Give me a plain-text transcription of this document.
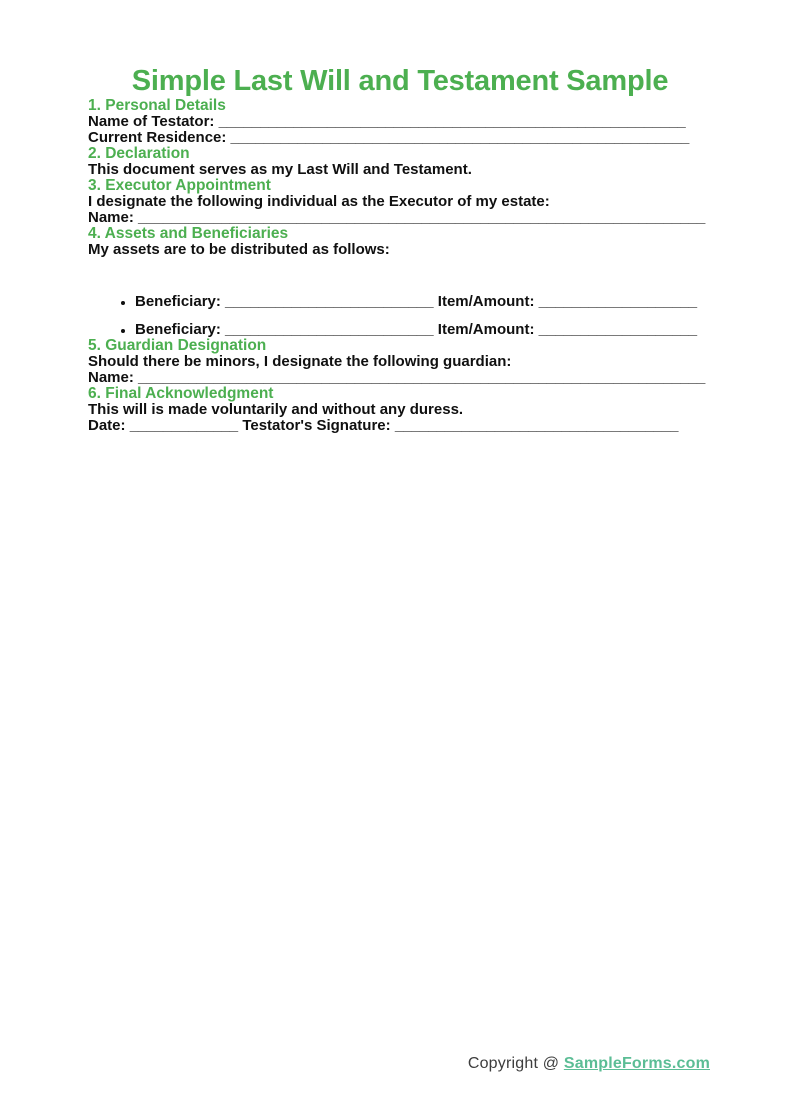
Simple Last Will and Testament Sample
1. Personal Details

Name of Testator: ________________________________________________________

Current Residence: _______________________________________________________

2. Declaration

This document serves as my Last Will and Testament.

3. Executor Appointment

I designate the following individual as the Executor of my estate:

Name: ____________________________________________________________________

4. Assets and Beneficiaries

My assets are to be distributed as follows:

• Beneficiary: _________________________ Item/Amount: ___________________
• Beneficiary: _________________________ Item/Amount: ___________________
5. Guardian Designation

Should there be minors, I designate the following guardian:

Name: ____________________________________________________________________

6. Final Acknowledgment

This will is made voluntarily and without any duress.

Date: _____________ Testator's Signature: __________________________________

Copyright @ SampleForms.com
